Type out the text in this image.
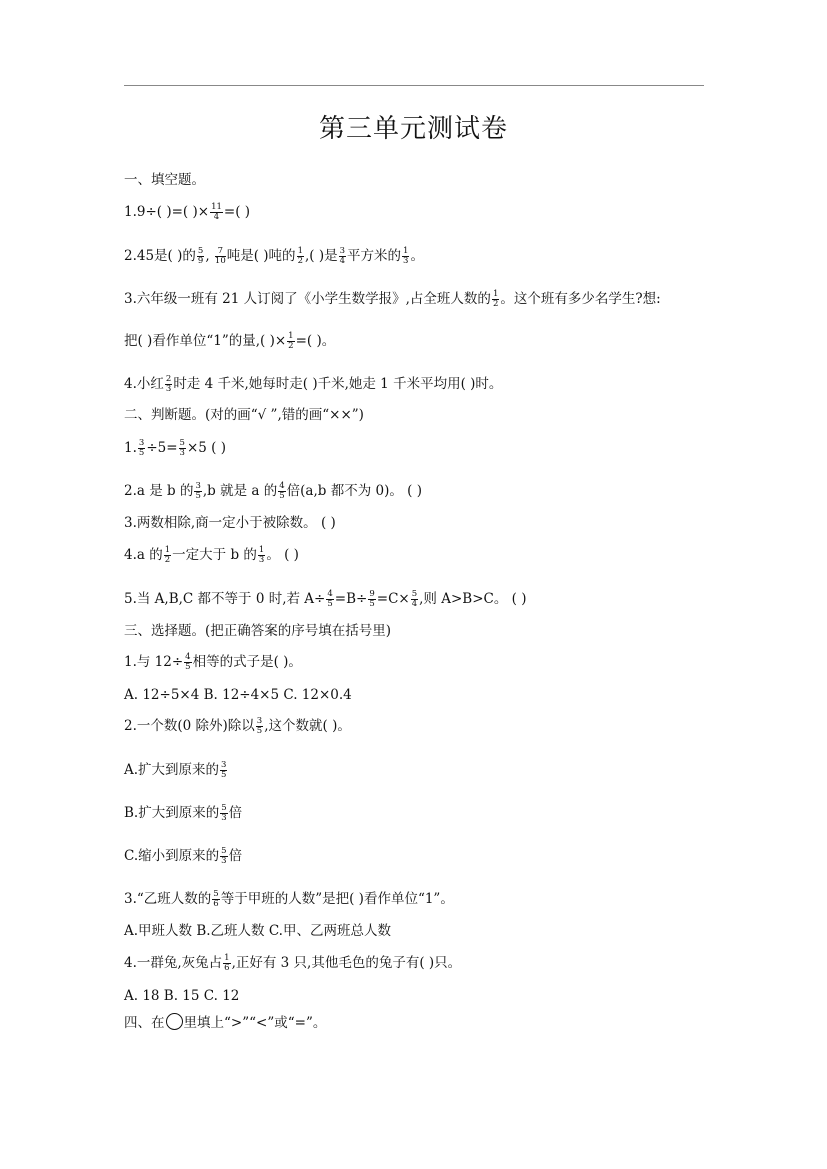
第三单元测试卷
一、填空题。
1.9÷( )=( )× $\frac{11}{4}$ =( )
2.45是( )的 $\frac{5}{9}$ , $\frac{7}{10}$ 吨是( )吨的 $\frac{1}{2}$ ,( )是 $\frac{3}{4}$ 平方米的 $\frac{1}{3}$ 。
3.六年级一班有 21 人订阅了《小学生数学报》,占全班人数的 $\frac{1}{2}$ 。这个班有多少名学生?想:
把( )看作单位“1”的量,( )× $\frac{1}{2}$ =( )。
4.小红 $\frac{2}{3}$ 时走 4 千米,她每时走( )千米,她走 1 千米平均用( )时。
二、判断题。(对的画“√ ”,错的画“××”)
1. $\frac{3}{5} \div 5= \frac{5}{3} \times 5$ ( )
2.a 是 b 的 $\frac{3}{5} ,b$ 就是 a 的 $\frac{4}{5}$ 倍(a,b 都不为 0)。 ( )
3.两数相除,商一定小于被除数。 ( )
4.a 的 $\frac{1}{2}$ 一定大于 b 的 $\frac{1}{3}$ 。 ( )
5.当 A,B,C 都不等于 0 时,若 $A\div \frac{4}{5} =B\div \frac{9}{5} =C\times \frac{5}{4}$ ,则 A>B>C。 ( )
三、选择题。(把正确答案的序号填在括号里)
1.与 $12\div \frac{4}{5}$ 相等的式子是( )。
A. 12÷5×4 B. 12÷4×5 C. 12×0.4
2.一个数(0 除外)除以 $\frac{3}{5}$ ,这个数就( )。
A.扩大到原来的 $\frac{3}{5}$
B.扩大到原来的 $\frac{5}{3}$ 倍
C.缩小到原来的 $\frac{5}{3}$ 倍
3.“乙班人数的 $\frac{5}{6}$ 等于甲班的人数”是把( )看作单位“1”。
A.甲班人数 B.乙班人数 C.甲、乙两班总人数
4.一群兔,灰兔占 $\frac{1}{6}$ ,正好有 3 只,其他毛色的兔子有( )只。
A. 18 B. 15 C. 12
四、在 里填上“>”“<”或“=”。
